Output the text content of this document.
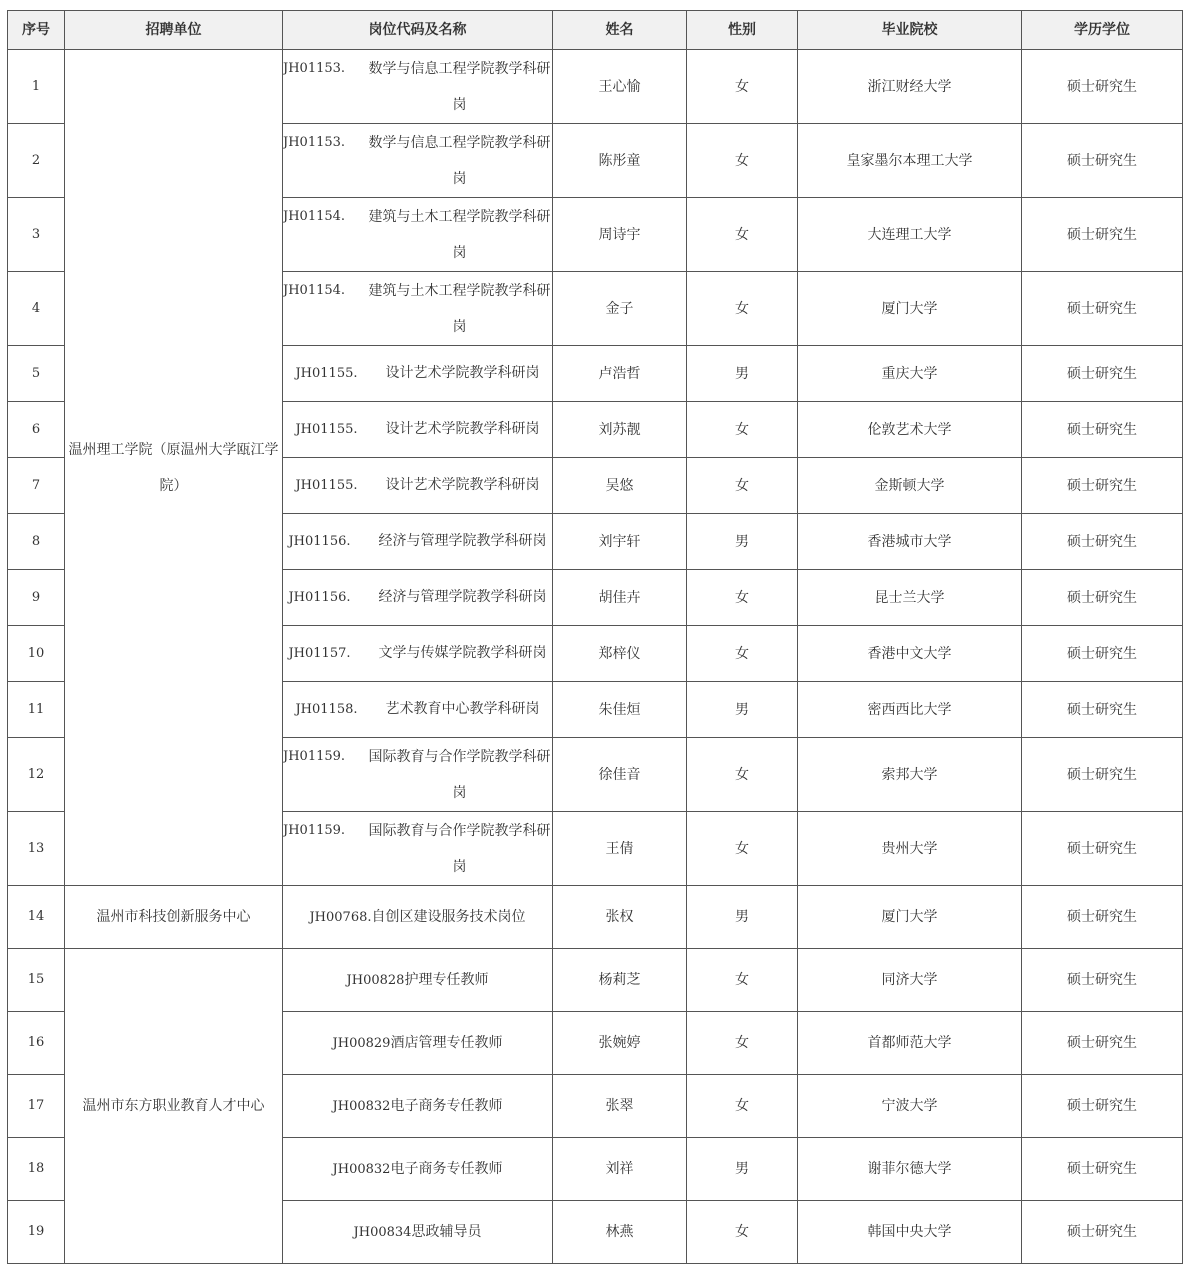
序号	招聘单位	岗位代码及名称	姓名	性别	毕业院校	学历学位
1	温州理工学院（原温州大学瓯江学院）	JH01153. 数学与信息工程学院教学科研岗	王心愉	女	浙江财经大学	硕士研究生
2		JH01153. 数学与信息工程学院教学科研岗	陈彤童	女	皇家墨尔本理工大学	硕士研究生
3		JH01154. 建筑与土木工程学院教学科研岗	周诗宇	女	大连理工大学	硕士研究生
4		JH01154. 建筑与土木工程学院教学科研岗	金子	女	厦门大学	硕士研究生
5		JH01155. 设计艺术学院教学科研岗	卢浩哲	男	重庆大学	硕士研究生
6		JH01155. 设计艺术学院教学科研岗	刘苏靓	女	伦敦艺术大学	硕士研究生
7		JH01155. 设计艺术学院教学科研岗	吴悠	女	金斯顿大学	硕士研究生
8		JH01156. 经济与管理学院教学科研岗	刘宇轩	男	香港城市大学	硕士研究生
9		JH01156. 经济与管理学院教学科研岗	胡佳卉	女	昆士兰大学	硕士研究生
10		JH01157. 文学与传媒学院教学科研岗	郑梓仪	女	香港中文大学	硕士研究生
11		JH01158. 艺术教育中心教学科研岗	朱佳烜	男	密西西比大学	硕士研究生
12		JH01159. 国际教育与合作学院教学科研岗	徐佳音	女	索邦大学	硕士研究生
13		JH01159. 国际教育与合作学院教学科研岗	王倩	女	贵州大学	硕士研究生
14	温州市科技创新服务中心	JH00768.自创区建设服务技术岗位	张权	男	厦门大学	硕士研究生
15	温州市东方职业教育人才中心	JH00828护理专任教师	杨莉芝	女	同济大学	硕士研究生
16		JH00829酒店管理专任教师	张婉婷	女	首都师范大学	硕士研究生
17		JH00832电子商务专任教师	张翠	女	宁波大学	硕士研究生
18		JH00832电子商务专任教师	刘祥	男	谢菲尔德大学	硕士研究生
19		JH00834思政辅导员	林燕	女	韩国中央大学	硕士研究生
